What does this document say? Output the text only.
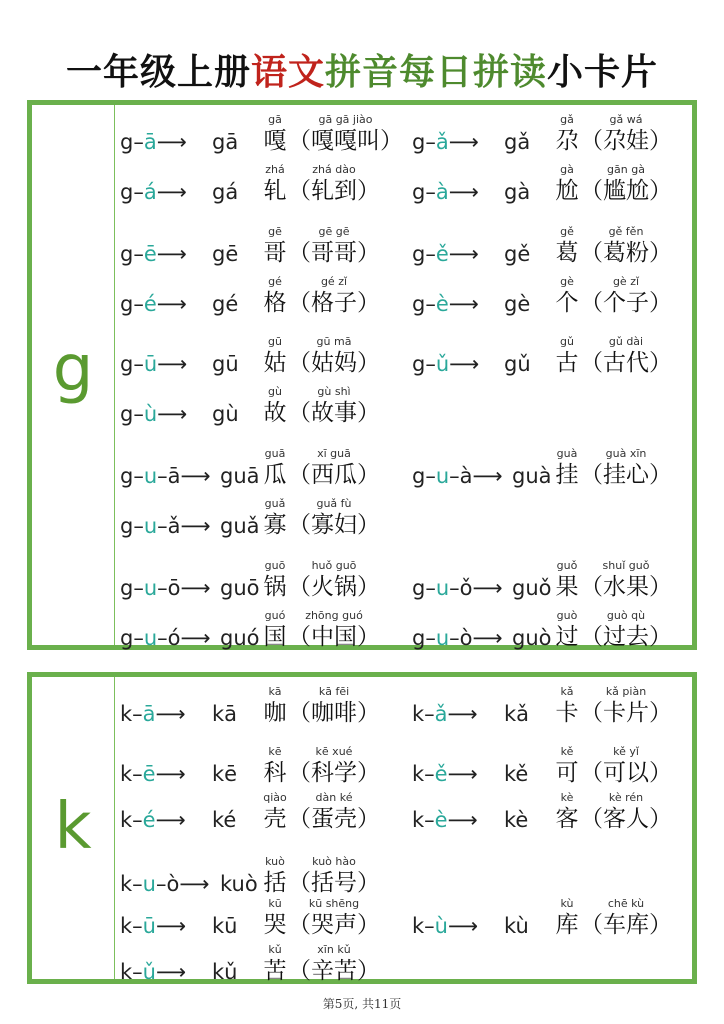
一年级上册语文拼音每日拼读小卡片
g
g–ā⟶ gā
gā
嘎
gā gā jiào
（嘎嘎叫） g–ǎ⟶ gǎ
gǎ
尕
gǎ wá
（尕娃）
g–á⟶ gá
zhá
轧
zhá dào
（轧到） g–à⟶ gà
gà
尬
gān gà
（尴尬）
g–ē⟶ gē
gē
哥
gē gē
（哥哥） g–ě⟶ gě
gě
葛
gě fěn
（葛粉）
g–é⟶ gé
gé
格
gé zǐ
（格子） g–è⟶ gè
gè
个
gè zǐ
（个子）
g–ū⟶ gū
gū
姑
gū mā
（姑妈） g–ǔ⟶ gǔ
gǔ
古
gǔ dài
（古代）
g–ù⟶ gù
gù
故
gù shì
（故事）
g–u–ā⟶ guā
guā
瓜
xī guā
（西瓜） g–u–à⟶ guà
guà
挂
guà xīn
（挂心）
g–u–ǎ⟶ guǎ
guǎ
寡
guǎ fù
（寡妇）
g–u–ō⟶ guō
guō
锅
huǒ guō
（火锅） g–u–ǒ⟶ guǒ
guǒ
果
shuǐ guǒ
（水果）
g–u–ó⟶ guó
guó
国
zhōng guó
（中国） g–u–ò⟶ guò
guò
过
guò qù
（过去）
k
k–ā⟶ kā
kā
咖
kā fēi
（咖啡） k–ǎ⟶ kǎ
kǎ
卡
kǎ piàn
（卡片）
k–ē⟶ kē
kē
科
kē xué
（科学） k–ě⟶ kě
kě
可
kě yǐ
（可以）
k–é⟶ ké
qiào
壳
dàn ké
（蛋壳） k–è⟶ kè
kè
客
kè rén
（客人）
k–u–ò⟶ kuò
kuò
括
kuò hào
（括号）
k–ū⟶ kū
kū
哭
kū shēng
（哭声） k–ù⟶ kù
kù
库
chē kù
（车库）
k–ǔ⟶ kǔ
kǔ
苦
xīn kǔ
（辛苦）
第5页, 共11页
